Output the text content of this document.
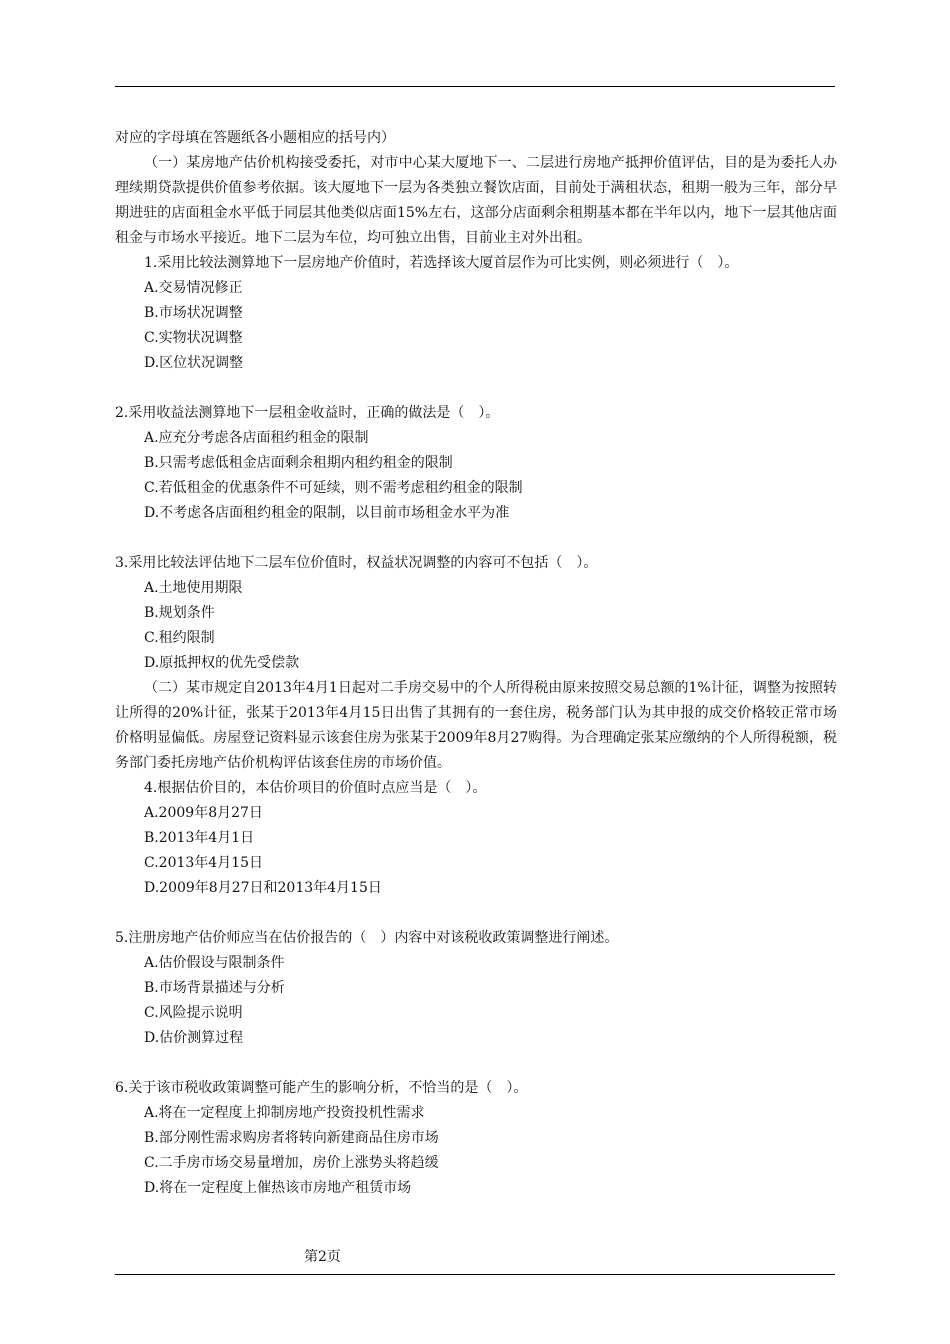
对应的字母填在答题纸各小题相应的括号内）
（一）某房地产估价机构接受委托，对市中心某大厦地下一、二层进行房地产抵押价值评估，目的是为委托人办理续期贷款提供价值参考依据。该大厦地下一层为各类独立餐饮店面，目前处于满租状态，租期一般为三年，部分早期进驻的店面租金水平低于同层其他类似店面15%左右，这部分店面剩余租期基本都在半年以内，地下一层其他店面租金与市场水平接近。地下二层为车位，均可独立出售，目前业主对外出租。
1.采用比较法测算地下一层房地产价值时，若选择该大厦首层作为可比实例，则必须进行（　）。
A.交易情况修正
B.市场状况调整
C.实物状况调整
D.区位状况调整
2.采用收益法测算地下一层租金收益时，正确的做法是（　）。
A.应充分考虑各店面租约租金的限制
B.只需考虑低租金店面剩余租期内租约租金的限制
C.若低租金的优惠条件不可延续，则不需考虑租约租金的限制
D.不考虑各店面租约租金的限制，以目前市场租金水平为准
3.采用比较法评估地下二层车位价值时，权益状况调整的内容可不包括（　）。
A.土地使用期限
B.规划条件
C.租约限制
D.原抵押权的优先受偿款
（二）某市规定自2013年4月1日起对二手房交易中的个人所得税由原来按照交易总额的1%计征，调整为按照转让所得的20%计征，张某于2013年4月15日出售了其拥有的一套住房，税务部门认为其申报的成交价格较正常市场价格明显偏低。房屋登记资料显示该套住房为张某于2009年8月27购得。为合理确定张某应缴纳的个人所得税额，税务部门委托房地产估价机构评估该套住房的市场价值。
4.根据估价目的，本估价项目的价值时点应当是（　）。
A.2009年8月27日
B.2013年4月1日
C.2013年4月15日
D.2009年8月27日和2013年4月15日
5.注册房地产估价师应当在估价报告的（　）内容中对该税收政策调整进行阐述。
A.估价假设与限制条件
B.市场背景描述与分析
C.风险提示说明
D.估价测算过程
6.关于该市税收政策调整可能产生的影响分析，不恰当的是（　）。
A.将在一定程度上抑制房地产投资投机性需求
B.部分刚性需求购房者将转向新建商品住房市场
C.二手房市场交易量增加，房价上涨势头将趋缓
D.将在一定程度上催热该市房地产租赁市场
第2页
